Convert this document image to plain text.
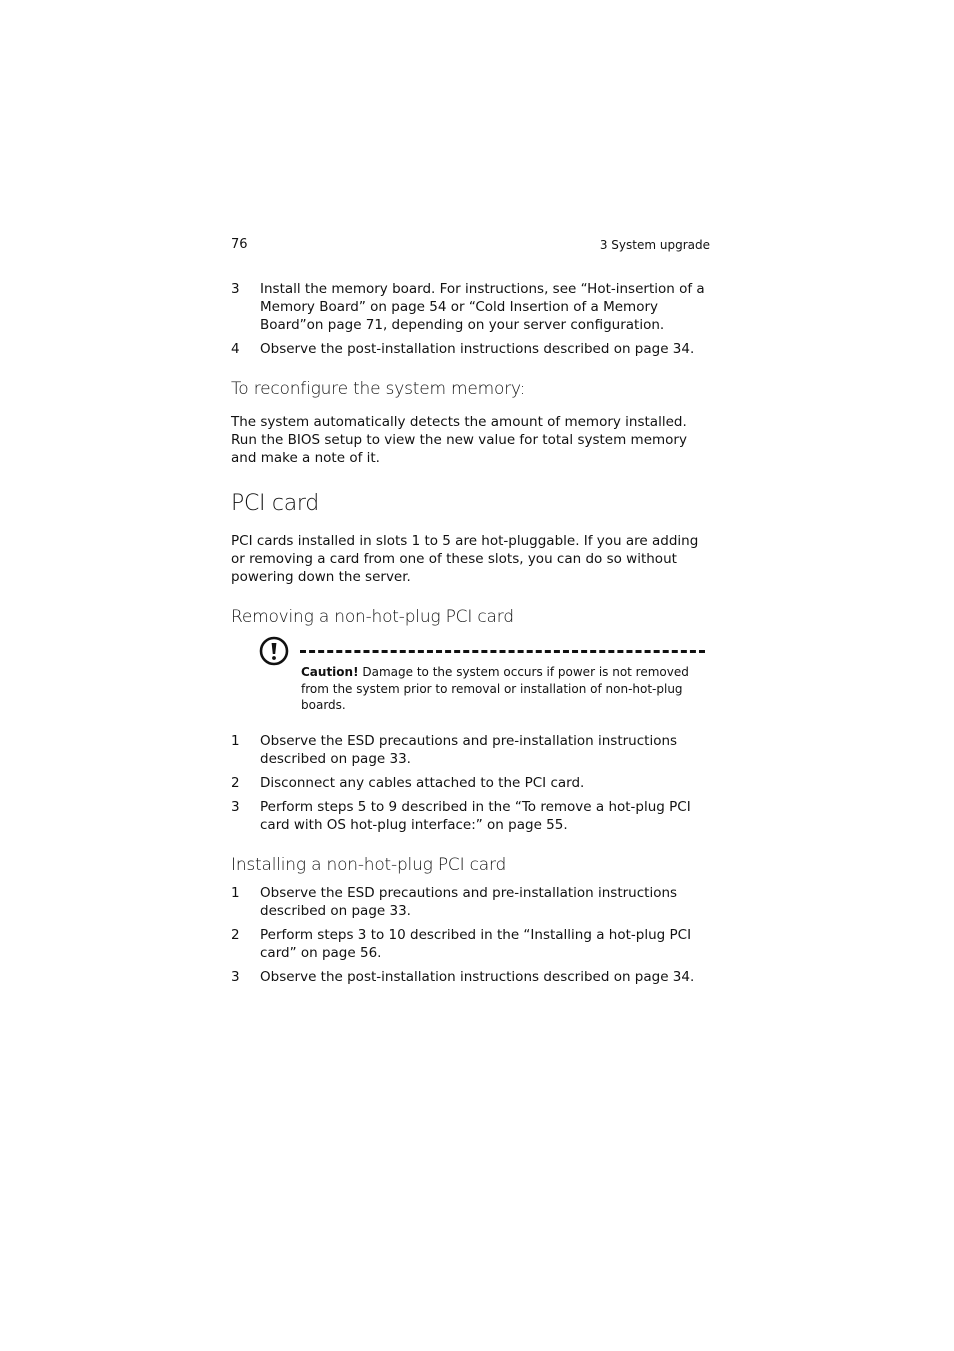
76	3 System upgrade
3	Install the memory board. For instructions, see “Hot-insertion of a Memory Board” on page 54 or “Cold Insertion of a Memory Board”on page 71, depending on your server configuration.
4	Observe the post-installation instructions described on page 34.
To reconfigure the system memory:
The system automatically detects the amount of memory installed. Run the BIOS setup to view the new value for total system memory and make a note of it.
PCI card
PCI cards installed in slots 1 to 5 are hot-pluggable. If you are adding or removing a card from one of these slots, you can do so without powering down the server.
Removing a non-hot-plug PCI card
Caution! Damage to the system occurs if power is not removed from the system prior to removal or installation of non-hot-plug boards.
1	Observe the ESD precautions and pre-installation instructions described on page 33.
2	Disconnect any cables attached to the PCI card.
3	Perform steps 5 to 9 described in the “To remove a hot-plug PCI card with OS hot-plug interface:” on page 55.
Installing a non-hot-plug PCI card
1	Observe the ESD precautions and pre-installation instructions described on page 33.
2	Perform steps 3 to 10 described in the “Installing a hot-plug PCI card” on page 56.
3	Observe the post-installation instructions described on page 34.
